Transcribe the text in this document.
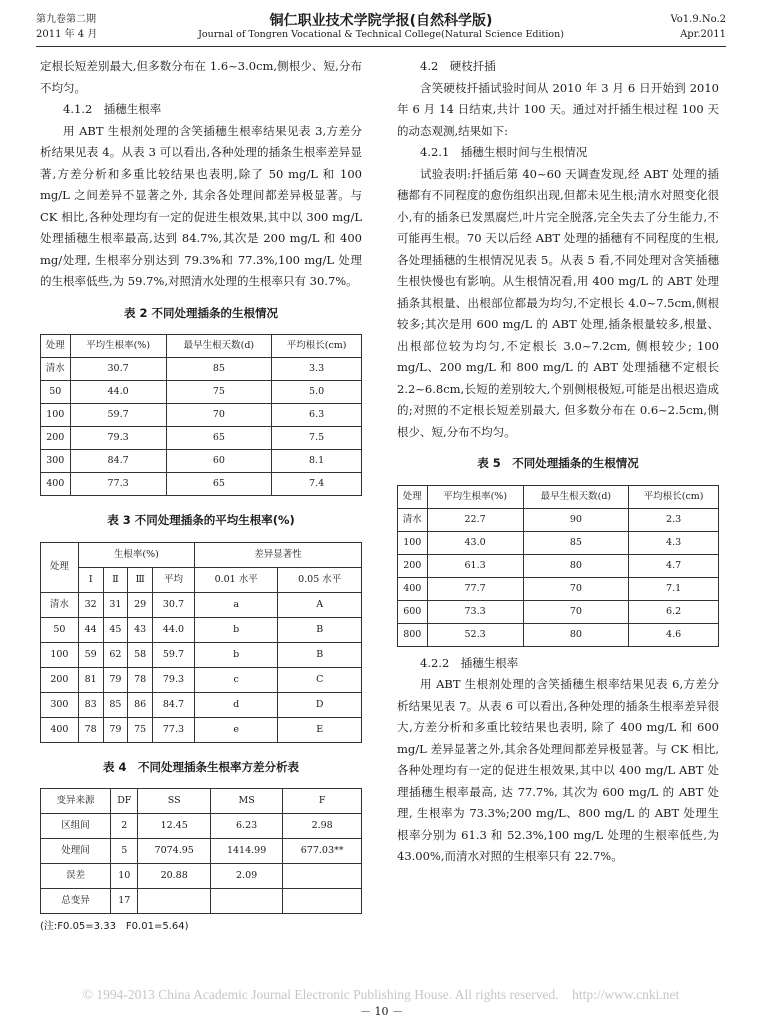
第九卷第二期
2011 年 4 月
铜仁职业技术学院学报(自然科学版)
Journal of Tongren Vocational & Technical College(Natural Science Edition)
Vo1.9.No.2
Apr.2011

定根长短差别最大,但多数分布在 1.6~3.0cm,侧根少、短,分布不均匀。

4.1.2　插穗生根率

用 ABT 生根剂处理的含笑插穗生根率结果见表 3,方差分析结果见表 4。从表 3 可以看出,各种处理的插条生根率差异显著,方差分析和多重比较结果也表明,除了 50 mg/L 和 100 mg/L 之间差异不显著之外, 其余各处理间都差异极显著。与 CK 相比,各种处理均有一定的促进生根效果,其中以 300 mg/L 处理插穗生根率最高,达到 84.7%,其次是 200 mg/L 和 400 mg/处理, 生根率分别达到 79.3%和 77.3%,100 mg/L 处理的生根率低些,为 59.7%,对照清水处理的生根率只有 30.7%。

表 2 不同处理插条的生根情况
处理	平均生根率(%)	最早生根天数(d)	平均根长(cm)
清水	30.7	85	3.3
50	44.0	75	5.0
100	59.7	70	6.3
200	79.3	65	7.5
300	84.7	60	8.1
400	77.3	65	7.4
表 3 不同处理插条的平均生根率(%)
处理	生根率(%)				差异显著性	
	Ⅰ	Ⅱ	Ⅲ	平均	0.01 水平	0.05 水平
清水	32	31	29	30.7	a	A
50	44	45	43	44.0	b	B
100	59	62	58	59.7	b	B
200	81	79	78	79.3	c	C
300	83	85	86	84.7	d	D
400	78	79	75	77.3	e	E
表 4　不同处理插条生根率方差分析表
变异来源	DF	SS	MS	F
区组间	2	12.45	6.23	2.98
处理间	5	7074.95	1414.99	677.03**
误差	10	20.88	2.09	
总变异	17			
(注:F0.05=3.33　F0.01=5.64)

4.2　硬枝扦插

含笑硬枝扦插试验时间从 2010 年 3 月 6 日开始到 2010 年 6 月 14 日结束,共计 100 天。通过对扦插生根过程 100 天的动态观测,结果如下:

4.2.1　插穗生根时间与生根情况

试验表明:扦插后第 40~60 天调查发现,经 ABT 处理的插穗都有不同程度的愈伤组织出现,但都未见生根;清水对照变化很小,有的插条已发黑腐烂,叶片完全脱落,完全失去了分生能力,不可能再生根。70 天以后经 ABT 处理的插穗有不同程度的生根, 各处理插穗的生根情况见表 5。从表 5 看,不同处理对含笑插穗生根快慢也有影响。从生根情况看,用 400 mg/L 的 ABT 处理插条其根量、出根部位都最为均匀,不定根长 4.0~7.5cm,侧根较多;其次是用 600 mg/L 的 ABT 处理,插条根量较多,根量、出根部位较为均匀,不定根长 3.0~7.2cm, 侧根较少; 100 mg/L、200 mg/L 和 800 mg/L 的 ABT 处理插穗不定根长 2.2~6.8cm,长短的差别较大,个别侧根极短,可能是出根迟造成的;对照的不定根长短差别最大, 但多数分布在 0.6~2.5cm,侧根少、短,分布不均匀。

表 5　不同处理插条的生根情况
处理	平均生根率(%)	最早生根天数(d)	平均根长(cm)
清水	22.7	90	2.3
100	43.0	85	4.3
200	61.3	80	4.7
400	77.7	70	7.1
600	73.3	70	6.2
800	52.3	80	4.6

4.2.2　插穗生根率

用 ABT 生根剂处理的含笑插穗生根率结果见表 6,方差分析结果见表 7。从表 6 可以看出,各种处理的插条生根率差异很大,方差分析和多重比较结果也表明, 除了 400 mg/L 和 600 mg/L 差异显著之外,其余各处理间都差异极显著。与 CK 相比,各种处理均有一定的促进生根效果,其中以 400 mg/L ABT 处理插穗生根率最高, 达 77.7%, 其次为 600 mg/L 的 ABT 处理, 生根率为 73.3%;200 mg/L、800 mg/L 的 ABT 处理生根率分别为 61.3 和 52.3%,100 mg/L 处理的生根率低些,为 43.00%,而清水对照的生根率只有 22.7%。

© 1994-2013 China Academic Journal Electronic Publishing House. All rights reserved.　http://www.cnki.net
－ 10 －
